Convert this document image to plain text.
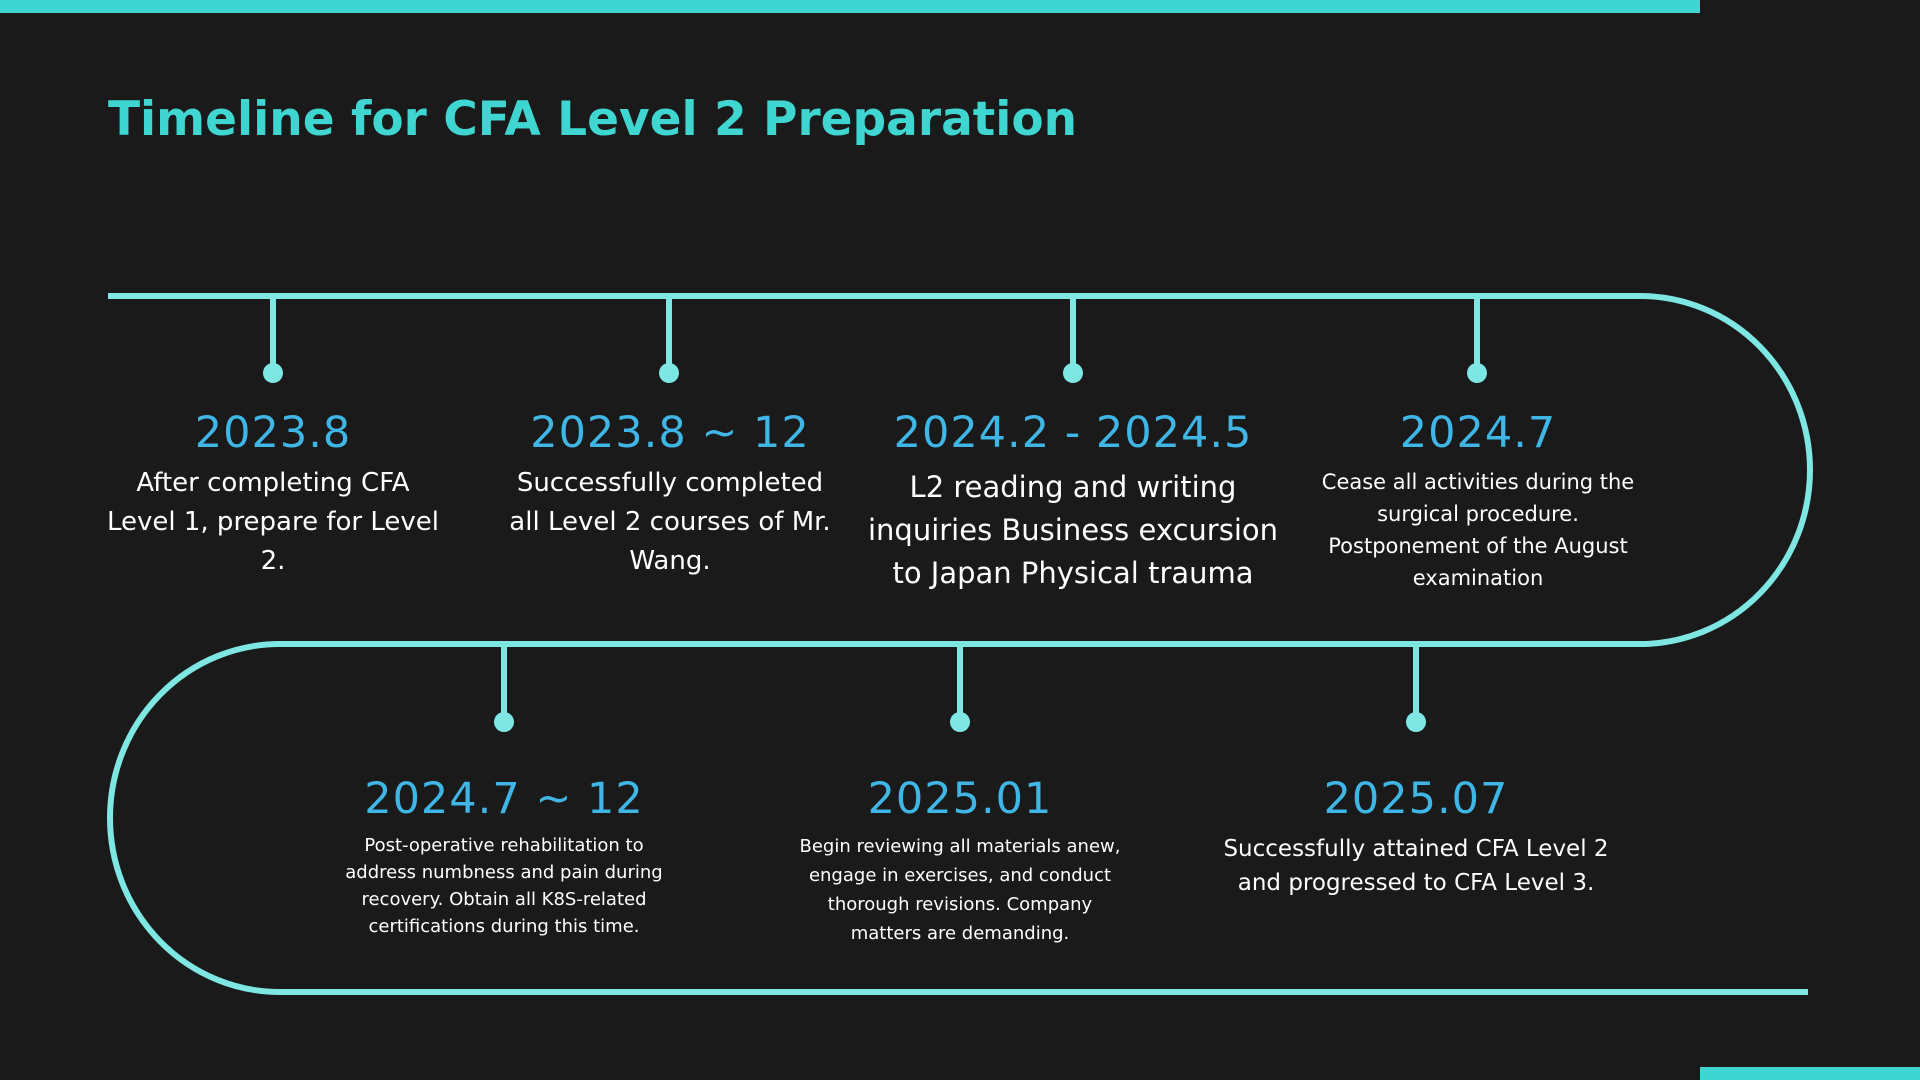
Timeline for CFA Level 2 Preparation
2023.8
After completing CFA Level 1, prepare for Level 2.
2023.8 ~ 12
Successfully completed all Level 2 courses of Mr. Wang.
2024.2 - 2024.5
L2 reading and writing inquiries Business excursion to Japan Physical trauma
2024.7
Cease all activities during the surgical procedure. Postponement of the August examination
2024.7 ~ 12
Post-operative rehabilitation to address numbness and pain during recovery. Obtain all K8S-related certifications during this time.
2025.01
Begin reviewing all materials anew, engage in exercises, and conduct thorough revisions. Company matters are demanding.
2025.07
Successfully attained CFA Level 2 and progressed to CFA Level 3.
